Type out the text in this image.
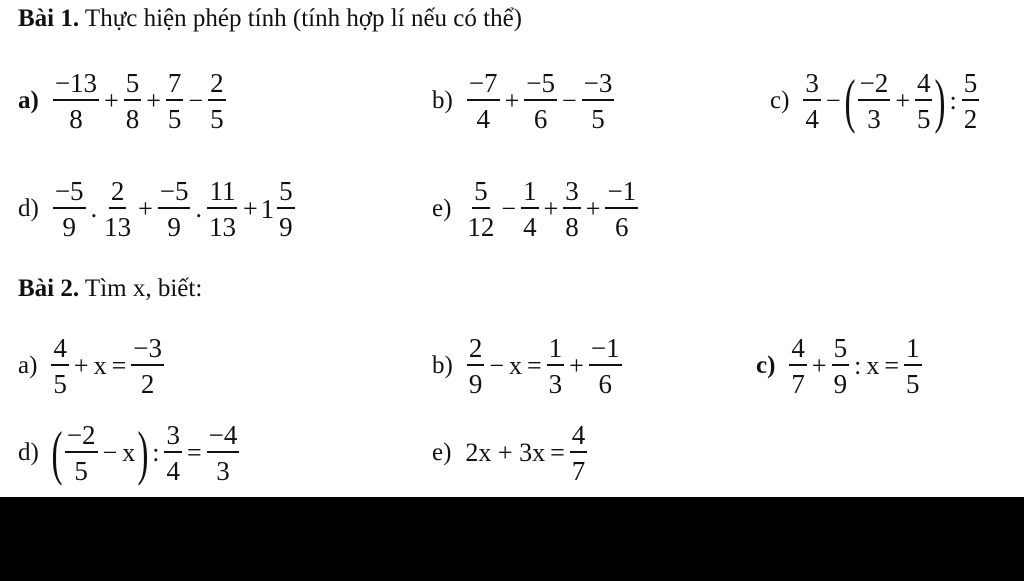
Bài 1. Thực hiện phép tính (tính hợp lí nếu có thể)
$a) \frac{-13}{8} + \frac{5}{8} + \frac{7}{5} - \frac{2}{5}$	$b) \frac{-7}{4} + \frac{-5}{6} - \frac{-3}{5}$	$c) \frac{3}{4}$ − ( $\frac{-2}{3} + \frac{4}{5}$ ) : $\frac{5}{2}$
$d) \frac{-5}{9}$ . $\frac{2}{13} + \frac{-5}{9}$ . $\frac{11}{13} + 1 \frac{5}{9}$	$e) \frac{5}{12} - \frac{1}{4} + \frac{3}{8} + \frac{-1}{6}$
Bài 2. Tìm x, biết:
$a) \frac{4}{5} + x = \frac{-3}{2}$	$b) \frac{2}{9} - x = \frac{1}{3} + \frac{-1}{6}$	$c) \frac{4}{7} + \frac{5}{9}$ : $x = \frac{1}{5}$
d) ( $\frac{-2}{5} - x$ ) : $\frac{3}{4} = \frac{-4}{3}$	e) $2x + 3x = \frac{4}{7}$
